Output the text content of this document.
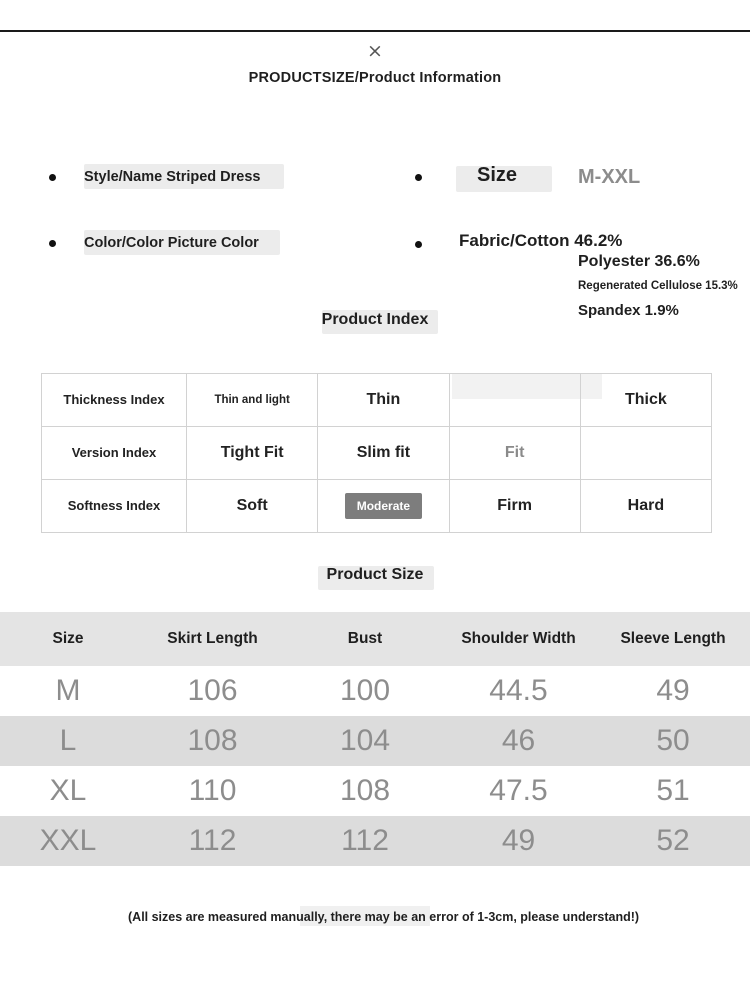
×
PRODUCTSIZE/Product Information
Style/Name Striped Dress
Color/Color Picture Color
Size	M-XXL
Fabric/Cotton 46.2%
Polyester 36.6%
Regenerated Cellulose 15.3%
Spandex 1.9%
Product Index
Thickness Index	Thin and light	Thin		Thick
Version Index	Tight Fit	Slim fit	Fit	
Softness Index	Soft	Moderate	Firm	Hard
Product Size
Size	Skirt Length	Bust	Shoulder Width	Sleeve Length
M	106	100	44.5	49
L	108	104	46	50
XL	110	108	47.5	51
XXL	112	112	49	52
(All sizes are measured manually, there may be an error of 1-3cm, please understand!)
